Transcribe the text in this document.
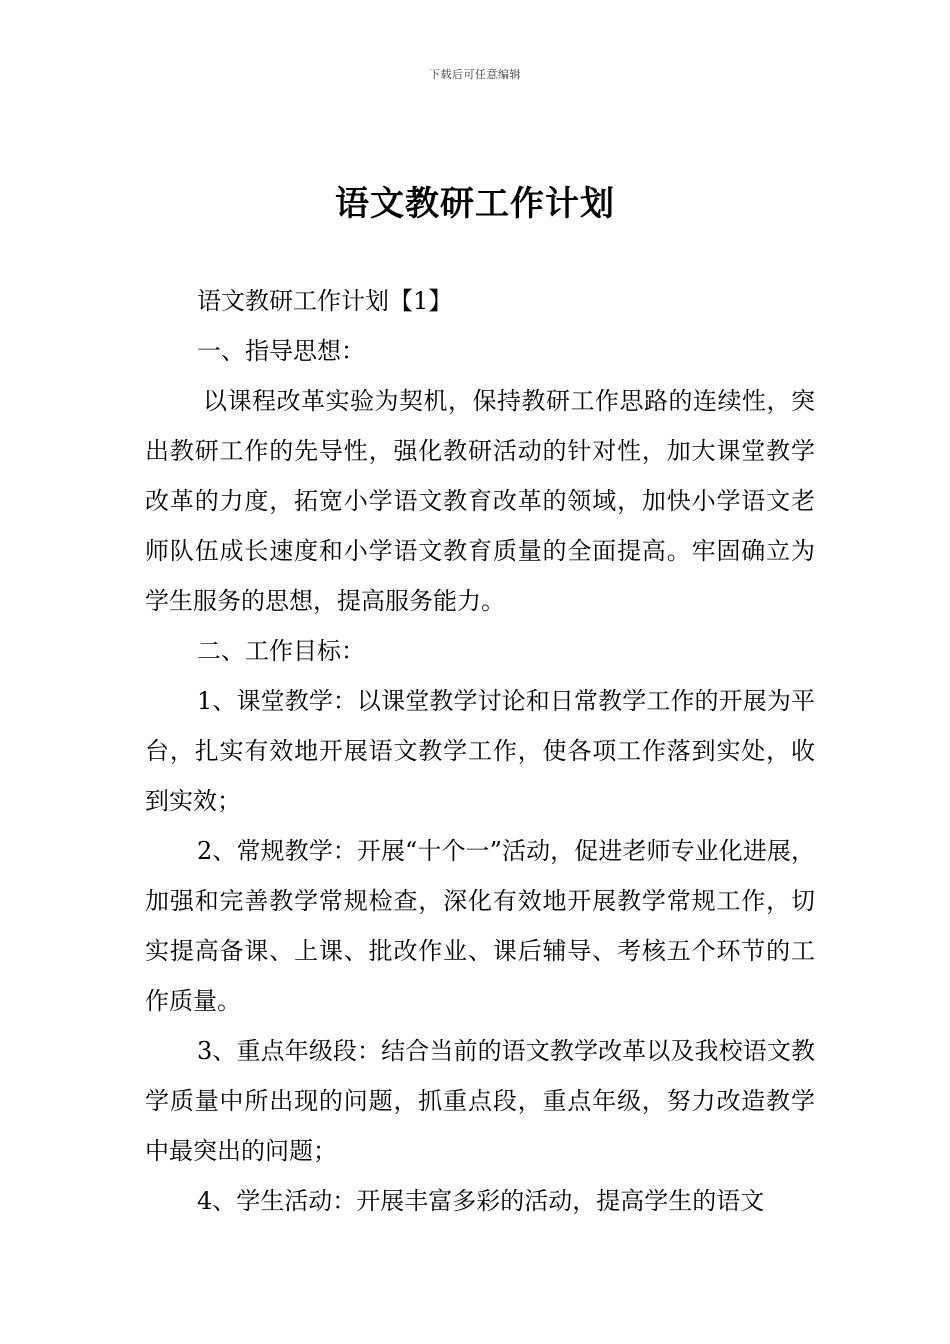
下载后可任意编辑
语文教研工作计划

语文教研工作计划【1】

一、指导思想：

以课程改革实验为契机，保持教研工作思路的连续性，突出教研工作的先导性，强化教研活动的针对性，加大课堂教学改革的力度，拓宽小学语文教育改革的领域，加快小学语文老师队伍成长速度和小学语文教育质量的全面提高。牢固确立为学生服务的思想，提高服务能力。

二、工作目标：

1、课堂教学：以课堂教学讨论和日常教学工作的开展为平台，扎实有效地开展语文教学工作，使各项工作落到实处，收到实效；

2、常规教学：开展“十个一”活动，促进老师专业化进展，加强和完善教学常规检查，深化有效地开展教学常规工作，切实提高备课、上课、批改作业、课后辅导、考核五个环节的工作质量。

3、重点年级段：结合当前的语文教学改革以及我校语文教学质量中所出现的问题，抓重点段，重点年级，努力改造教学中最突出的问题；

4、学生活动：开展丰富多彩的活动，提高学生的语文
